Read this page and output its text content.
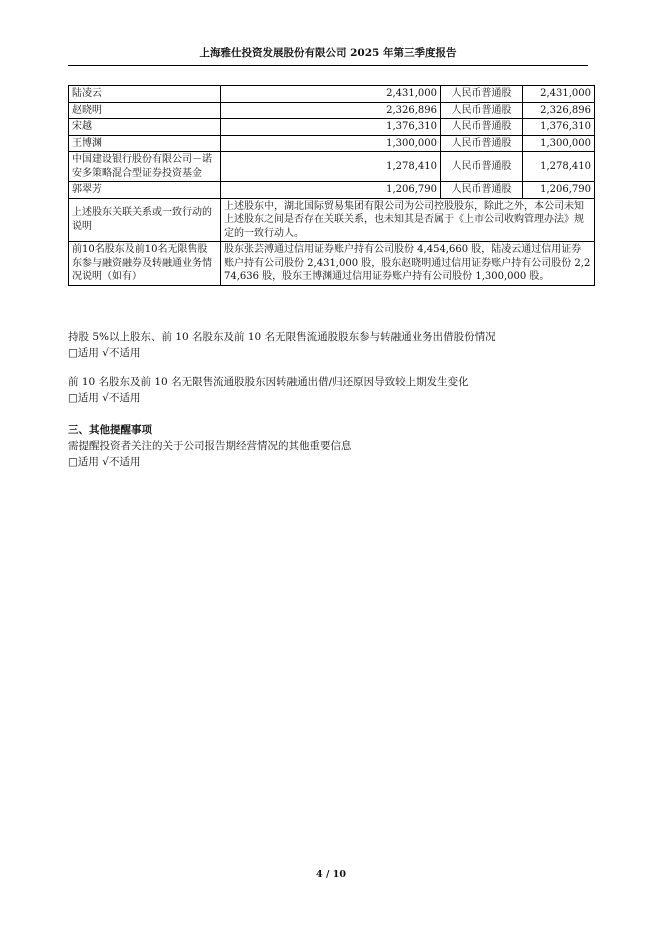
上海雅仕投资发展股份有限公司 2025 年第三季度报告
陆凌云	2,431,000	人民币普通股	2,431,000
赵晓明	2,326,896	人民币普通股	2,326,896
宋越	1,376,310	人民币普通股	1,376,310
王博渊	1,300,000	人民币普通股	1,300,000
中国建设银行股份有限公司－诺安多策略混合型证券投资基金	1,278,410	人民币普通股	1,278,410
郭翠芳	1,206,790	人民币普通股	1,206,790
上述股东关联关系或一致行动的说明	上述股东中，湖北国际贸易集团有限公司为公司控股股东，除此之外，本公司未知上述股东之间是否存在关联关系，也未知其是否属于《上市公司收购管理办法》规定的一致行动人。		
前10名股东及前10名无限售股东参与融资融券及转融通业务情况说明（如有）	股东张芸溥通过信用证券账户持有公司股份 4,454,660 股，陆凌云通过信用证券账户持有公司股份 2,431,000 股，股东赵晓明通过信用证券账户持有公司股份 2,274,636 股，股东王博渊通过信用证券账户持有公司股份 1,300,000 股。		
持股 5%以上股东、前 10 名股东及前 10 名无限售流通股股东参与转融通业务出借股份情况
□适用 √不适用
前 10 名股东及前 10 名无限售流通股股东因转融通出借/归还原因导致较上期发生变化
□适用 √不适用
三、其他提醒事项
需提醒投资者关注的关于公司报告期经营情况的其他重要信息
□适用 √不适用
4 / 10
